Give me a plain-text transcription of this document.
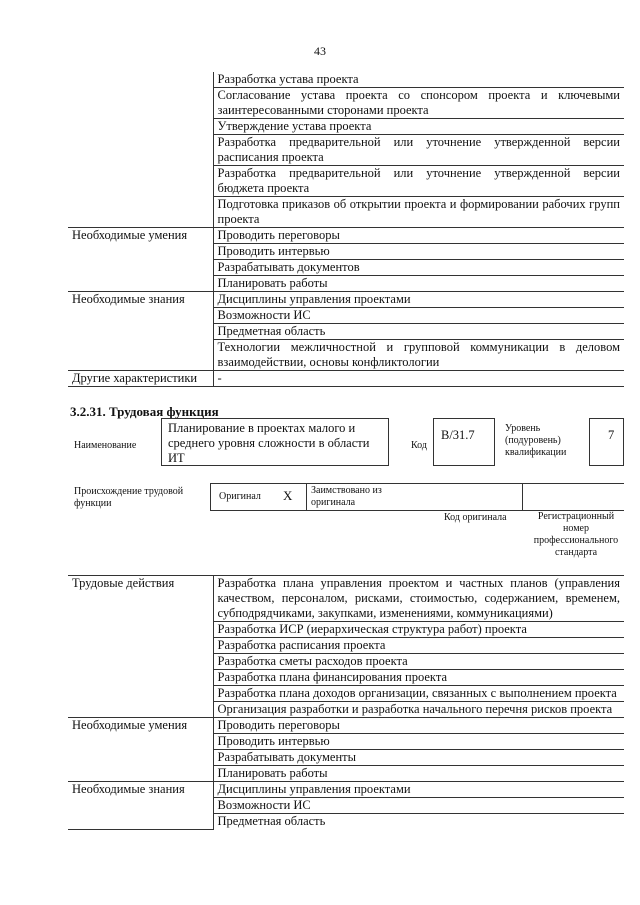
43
	Разработка устава проекта
	Согласование устава проекта со спонсором проекта и ключевыми заинтересованными сторонами проекта
	Утверждение устава проекта
	Разработка предварительной или уточнение утвержденной версии расписания проекта
	Разработка предварительной или уточнение утвержденной версии бюджета проекта
	Подготовка приказов об открытии проекта и формировании рабочих групп проекта
Необходимые умения	Проводить переговоры
	Проводить интервью
	Разрабатывать документов
	Планировать работы
Необходимые знания	Дисциплины управления проектами
	Возможности ИС
	Предметная область
	Технологии межличностной и групповой коммуникации в деловом взаимодействии, основы конфликтологии
Другие характеристики	-
3.2.31. Трудовая функция
Наименование
Планирование в проектах малого и среднего уровня сложности в области ИТ
Код
B/31.7	Уровень (подуровень) квалификации
7
Происхождение трудовой функции
Оригинал X Заимствовано из оригинала
Код оригинала	Регистрационный номер профессионального стандарта
Трудовые действия	Разработка плана управления проектом и частных планов (управления качеством, персоналом, рисками, стоимостью, содержанием, временем, субподрядчиками, закупками, изменениями, коммуникациями)
	Разработка ИСР (иерархическая структура работ) проекта
	Разработка расписания проекта
	Разработка сметы расходов проекта
	Разработка плана финансирования проекта
	Разработка плана доходов организации, связанных с выполнением проекта
	Организация разработки и разработка начального перечня рисков проекта
Необходимые умения	Проводить переговоры
	Проводить интервью
	Разрабатывать документы
	Планировать работы
Необходимые знания	Дисциплины управления проектами
	Возможности ИС
	Предметная область
